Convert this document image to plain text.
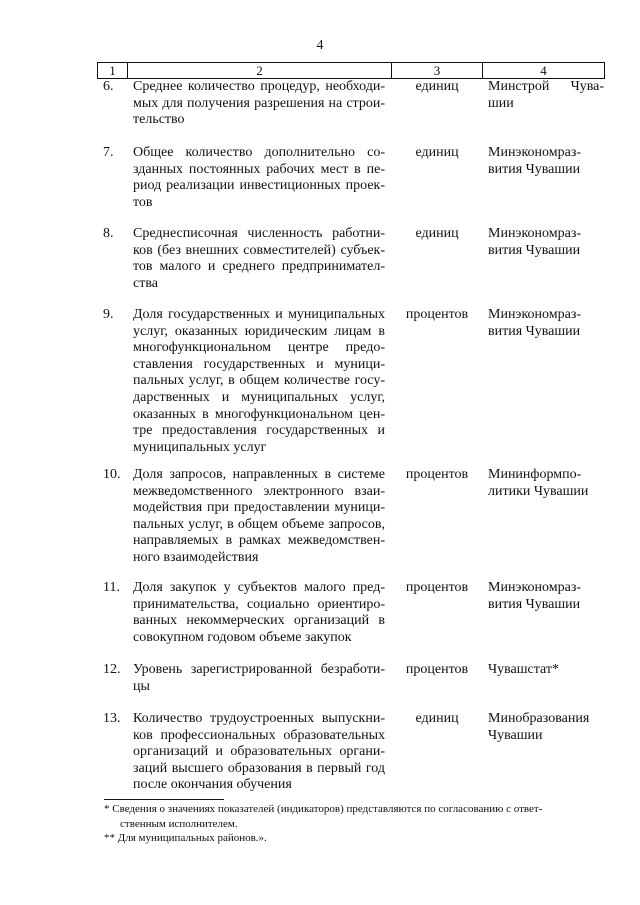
4
1	2	3	4
6.	Среднее количество процедур, необходи-
мых для получения разрешения на строи-
тельство
единиц	Минстрой Чува-
шии
7.	Общее количество дополнительно со-
зданных постоянных рабочих мест в пе-
риод реализации инвестиционных проек-
тов
единиц	Минэкономраз-
вития Чувашии
8.	Среднесписочная численность работни-
ков (без внешних совместителей) субъек-
тов малого и среднего предпринимател-
ства
единиц	Минэкономраз-
вития Чувашии
9.	Доля государственных и муниципальных
услуг, оказанных юридическим лицам в
многофункциональном центре предо-
ставления государственных и муници-
пальных услуг, в общем количестве госу-
дарственных и муниципальных услуг,
оказанных в многофункциональном цен-
тре предоставления государственных и
муниципальных услуг
процентов	Минэкономраз-
вития Чувашии
10. Доля запросов, направленных в системе
межведомственного электронного взаи-
модействия при предоставлении муници-
пальных услуг, в общем объеме запросов,
направляемых в рамках межведомствен-
ного взаимодействия
процентов	Мининформпо-
литики Чувашии
11. Доля закупок у субъектов малого пред-
принимательства, социально ориентиро-
ванных некоммерческих организаций в
совокупном годовом объеме закупок
процентов	Минэкономраз-
вития Чувашии
12. Уровень зарегистрированной безработи-
цы
процентов	Чувашстат*
13. Количество трудоустроенных выпускни-
ков профессиональных образовательных
организаций и образовательных органи-
заций высшего образования в первый год
после окончания обучения
единиц	Минобразования
Чувашии
* Сведения о значениях показателей (индикаторов) представляются по согласованию с ответ-
ственным исполнителем.
** Для муниципальных районов.».
